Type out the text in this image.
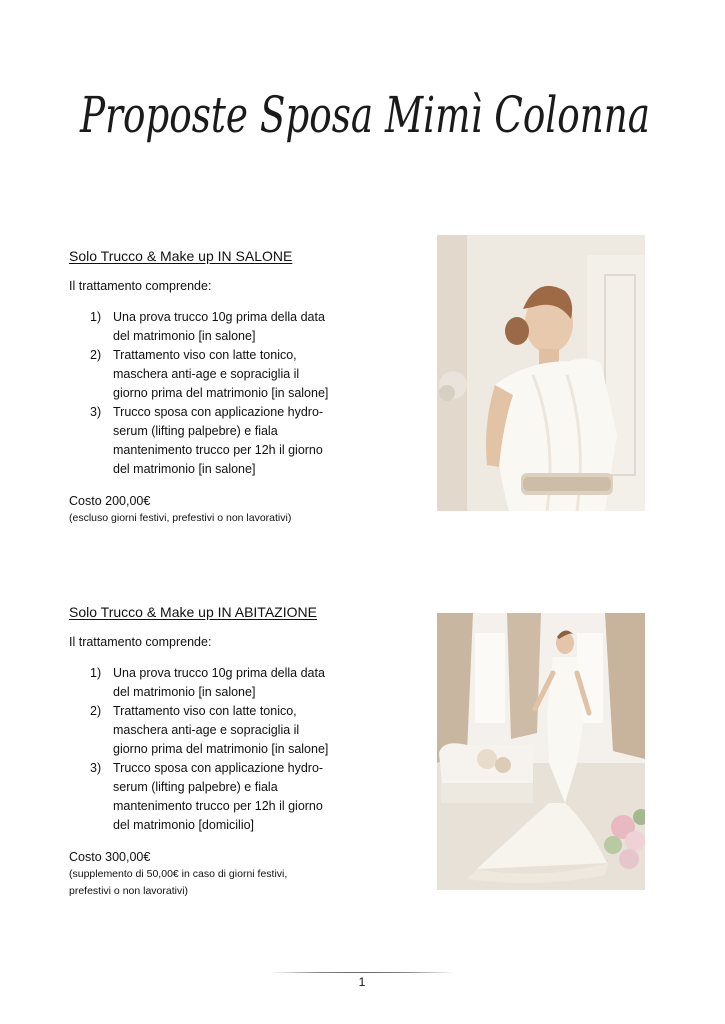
Proposte Sposa Mimì Colonna
Solo Trucco & Make up IN SALONE

Il trattamento comprende:

1) Una prova trucco 10g prima della data del matrimonio [in salone]
2) Trattamento viso con latte tonico, maschera anti-age e sopraciglia il giorno prima del matrimonio [in salone]
3) Trucco sposa con applicazione hydro-serum (lifting palpebre) e fiala mantenimento trucco per 12h il giorno del matrimonio [in salone]

Costo 200,00€

(escluso giorni festivi, prefestivi o non lavorativi)

Solo Trucco & Make up IN ABITAZIONE

Il trattamento comprende:

1) Una prova trucco 10g prima della data del matrimonio [in salone]
2) Trattamento viso con latte tonico, maschera anti-age e sopraciglia il giorno prima del matrimonio [in salone]
3) Trucco sposa con applicazione hydro-serum (lifting palpebre) e fiala mantenimento trucco per 12h il giorno del matrimonio [domicilio]

Costo 300,00€

(supplemento di 50,00€ in caso di giorni festivi, prefestivi o non lavorativi)

1
